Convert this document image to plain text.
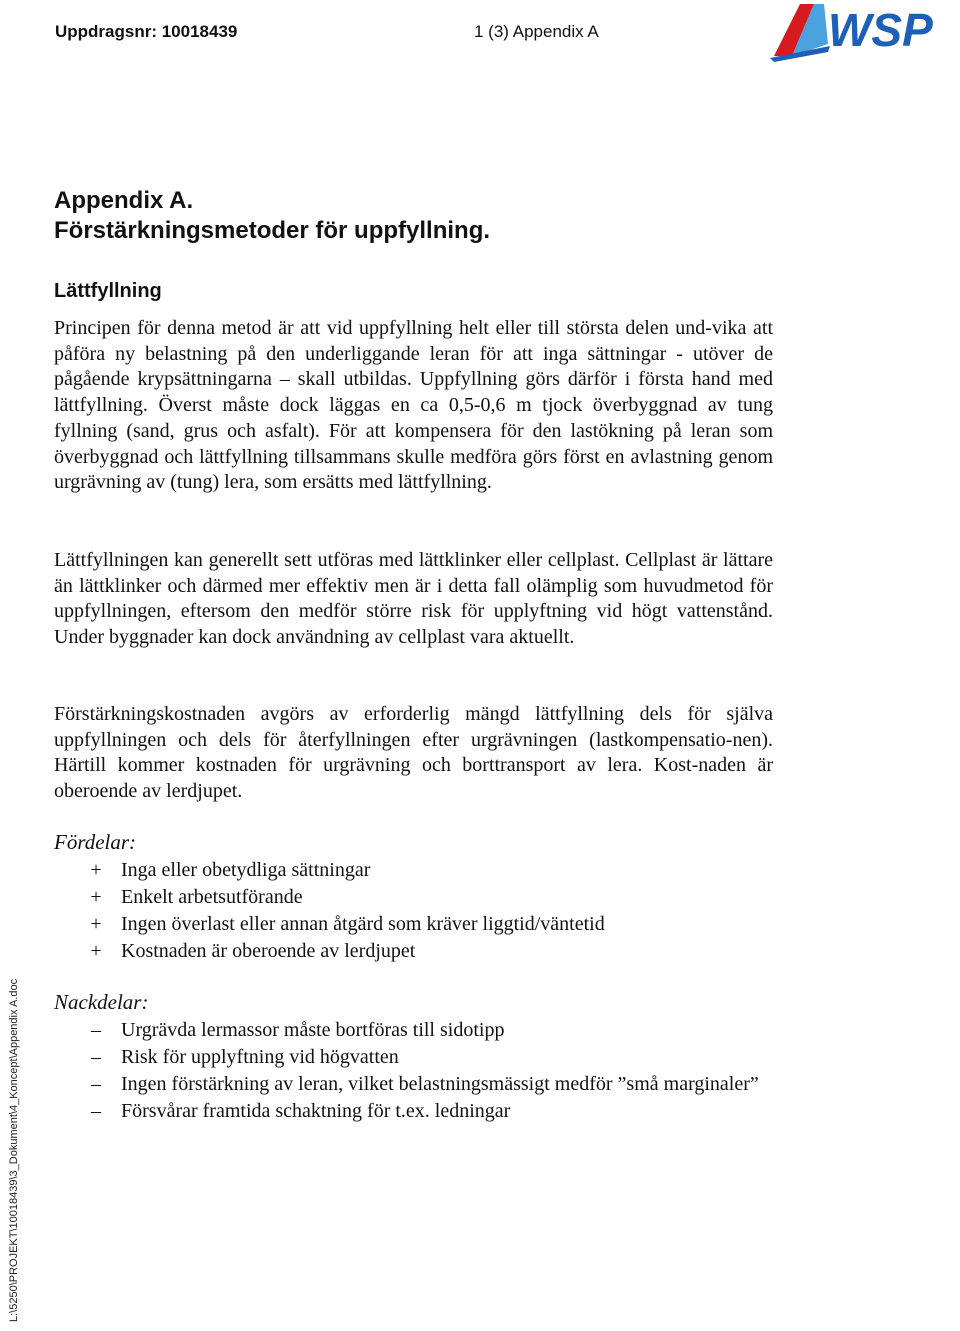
Uppdragsnr: 10018439	1 (3) Appendix A	WSP
Appendix A.
Förstärkningsmetoder för uppfyllning.
Lättfyllning

Principen för denna metod är att vid uppfyllning helt eller till största delen und-vika att påföra ny belastning på den underliggande leran för att inga sättningar - utöver de pågående krypsättningarna – skall utbildas. Uppfyllning görs därför i första hand med lättfyllning. Överst måste dock läggas en ca 0,5-0,6 m tjock överbyggnad av tung fyllning (sand, grus och asfalt). För att kompensera för den lastökning på leran som överbyggnad och lättfyllning tillsammans skulle medföra görs först en avlastning genom urgrävning av (tung) lera, som ersätts med lättfyllning.

Lättfyllningen kan generellt sett utföras med lättklinker eller cellplast. Cellplast är lättare än lättklinker och därmed mer effektiv men är i detta fall olämplig som huvudmetod för uppfyllningen, eftersom den medför större risk för upplyftning vid högt vattenstånd. Under byggnader kan dock användning av cellplast vara aktuellt.

Förstärkningskostnaden avgörs av erforderlig mängd lättfyllning dels för själva uppfyllningen och dels för återfyllningen efter urgrävningen (lastkompensatio-nen). Härtill kommer kostnaden för urgrävning och borttransport av lera. Kost-naden är oberoende av lerdjupet.

Fördelar:
+ Inga eller obetydliga sättningar
+ Enkelt arbetsutförande
+ Ingen överlast eller annan åtgärd som kräver liggtid/väntetid
+ Kostnaden är oberoende av lerdjupet
Nackdelar:
– Urgrävda lermassor måste bortföras till sidotipp
– Risk för upplyftning vid högvatten
– Ingen förstärkning av leran, vilket belastningsmässigt medför ”små marginaler”
– Försvårar framtida schaktning för t.ex. ledningar
L:\5250\PROJEKT\10018439\3_Dokument\4_Koncept\Appendix A.doc
